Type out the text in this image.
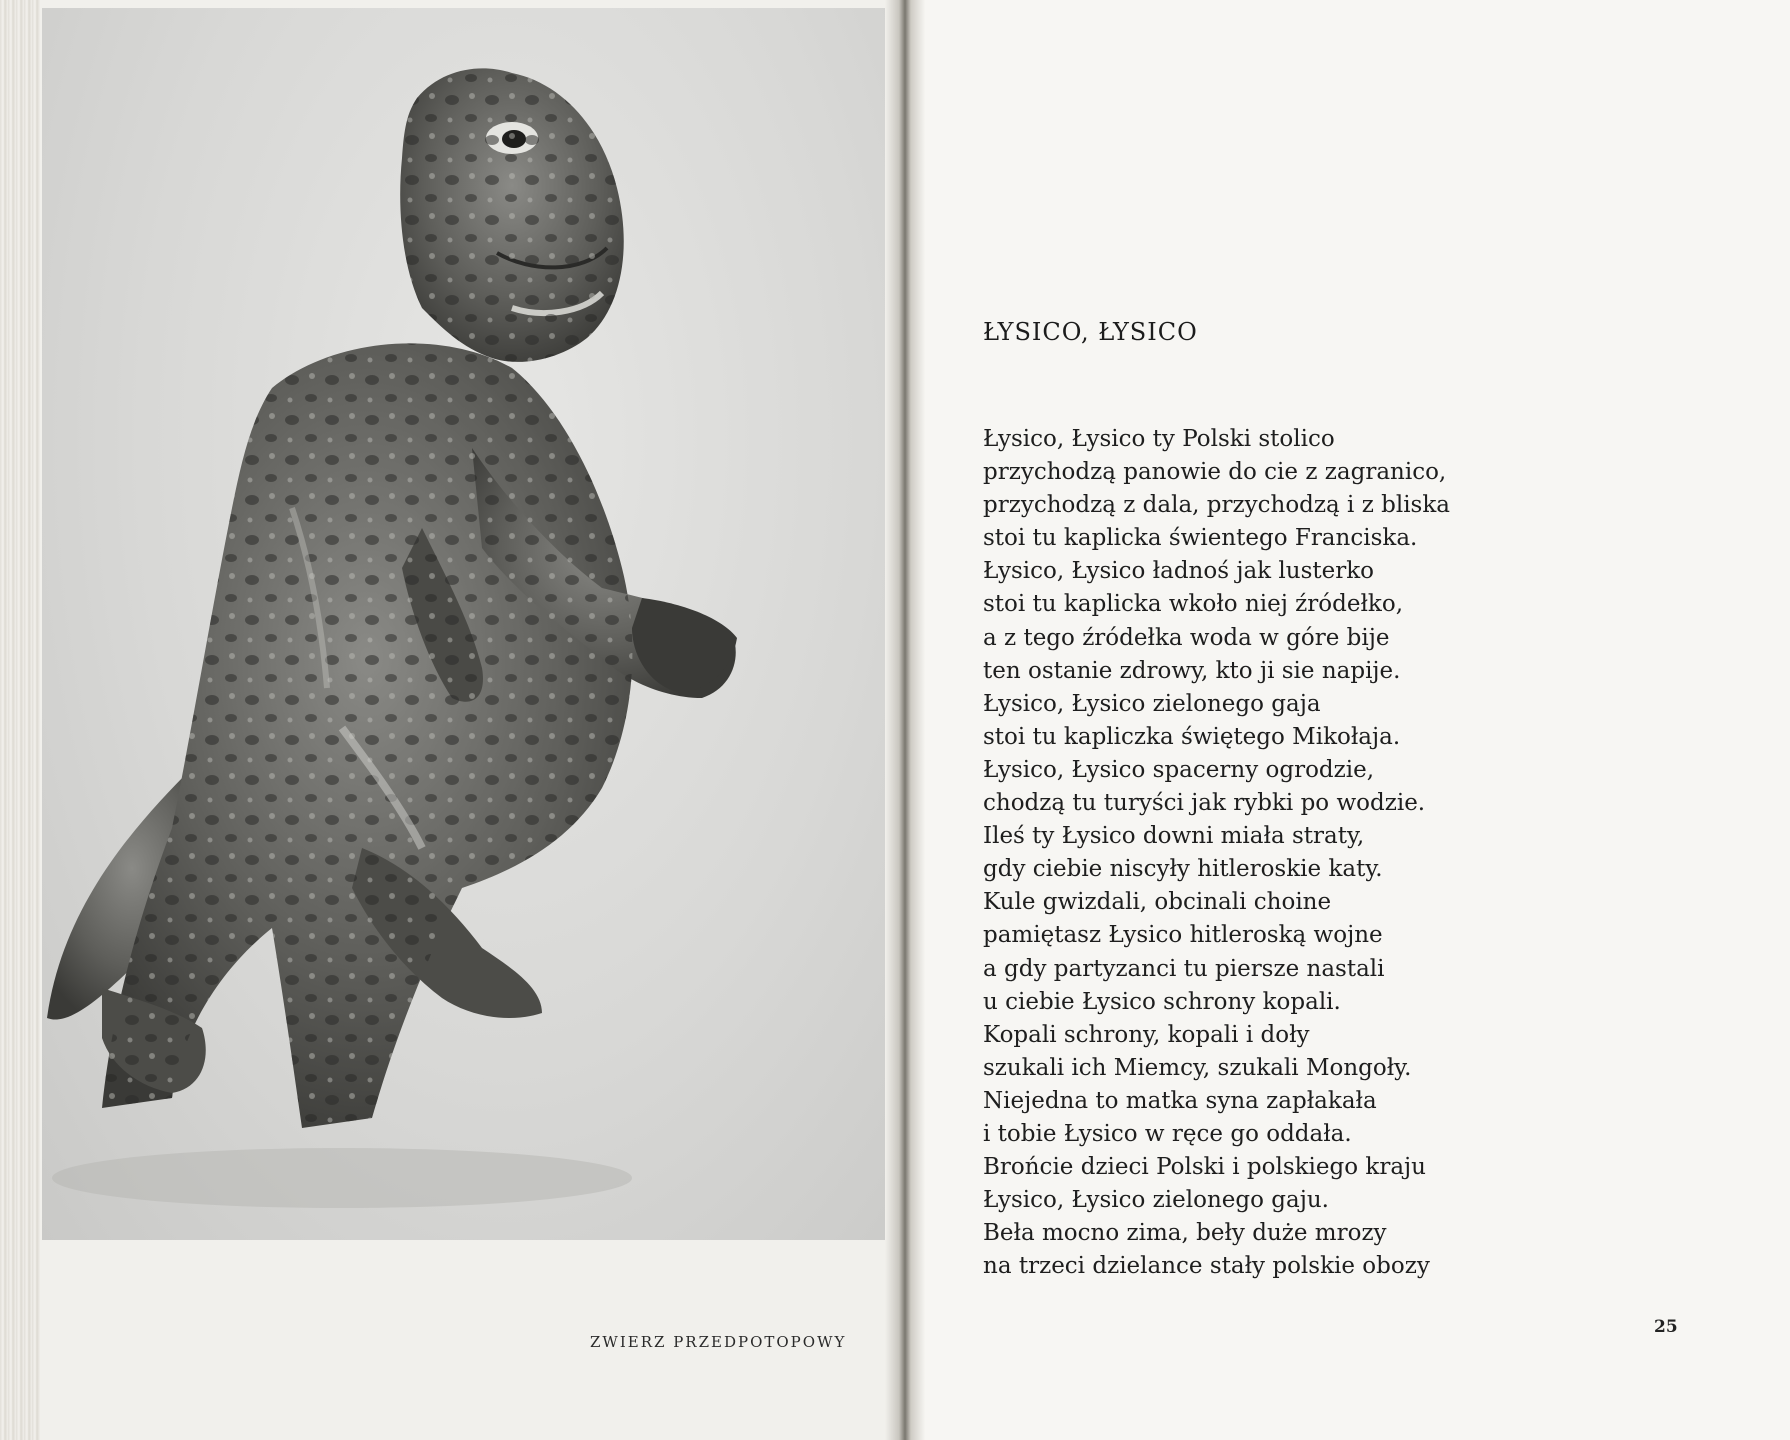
ZWIERZ PRZEDPOTOPOWY
ŁYSICO, ŁYSICO
Łysico, Łysico ty Polski stolico
przychodzą panowie do cie z zagranico,
przychodzą z dala, przychodzą i z bliska
stoi tu kaplicka świentego Franciska.
Łysico, Łysico ładnoś jak lusterko
stoi tu kaplicka wkoło niej źródełko,
a z tego źródełka woda w góre bije
ten ostanie zdrowy, kto ji sie napije.
Łysico, Łysico zielonego gaja
stoi tu kapliczka świętego Mikołaja.
Łysico, Łysico spacerny ogrodzie,
chodzą tu turyści jak rybki po wodzie.
Ileś ty Łysico downi miała straty,
gdy ciebie niscyły hitleroskie katy.
Kule gwizdali, obcinali choine
pamiętasz Łysico hitleroską wojne
a gdy partyzanci tu piersze nastali
u ciebie Łysico schrony kopali.
Kopali schrony, kopali i doły
szukali ich Miemcy, szukali Mongoły.
Niejedna to matka syna zapłakała
i tobie Łysico w ręce go oddała.
Brońcie dzieci Polski i polskiego kraju
Łysico, Łysico zielonego gaju.
Beła mocno zima, beły duże mrozy
na trzeci dzielance stały polskie obozy
25
